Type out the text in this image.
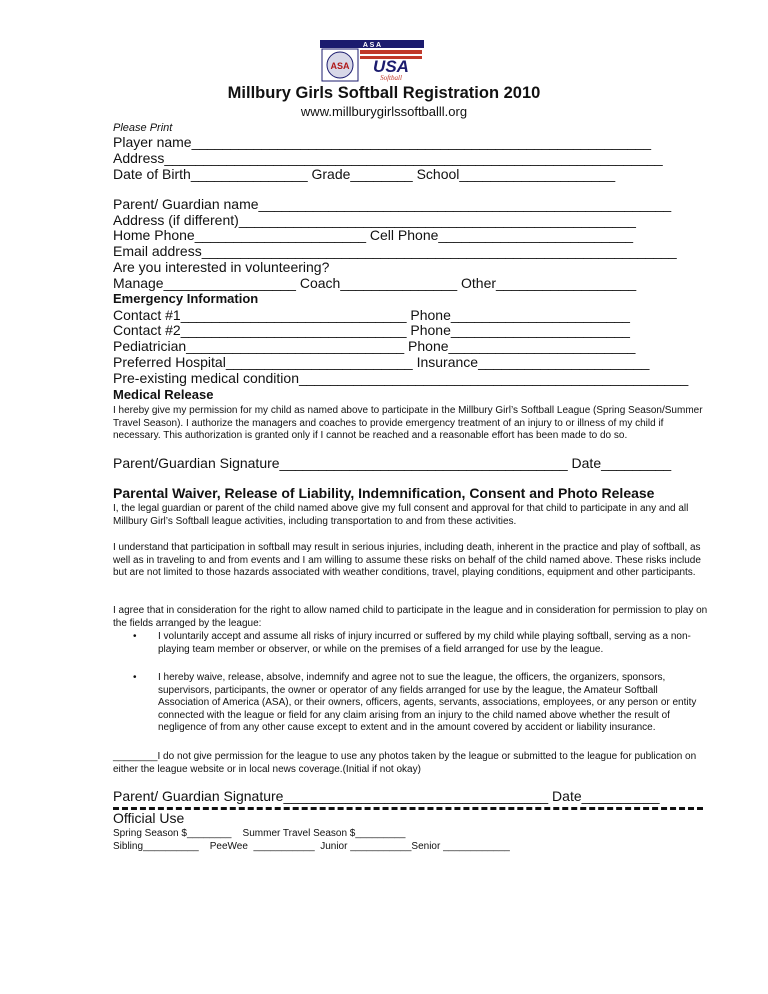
A S A
ASA USA
Softball
Millbury Girls Softball Registration 2010
www.millburygirlssoftballl.org
Please Print
Player name___________________________________________________________
Address________________________________________________________________
Date of Birth_______________ Grade________ School____________________
Parent/ Guardian name_____________________________________________________
Address (if different)___________________________________________________
Home Phone______________________ Cell Phone_________________________
Email address_____________________________________________________________
Are you interested in volunteering?
Manage_________________ Coach_______________ Other__________________
Emergency Information
Contact #1_____________________________ Phone_______________________
Contact #2_____________________________ Phone_______________________
Pediatrician____________________________ Phone________________________
Preferred Hospital________________________ Insurance______________________
Pre-existing medical condition__________________________________________________
Medical Release
I hereby give my permission for my child as named above to participate in the Millbury Girl’s Softball League (Spring Season/Summer Travel Season). I authorize the managers and coaches to provide emergency treatment of an injury to or illness of my child if necessary. This authorization is granted only if I cannot be reached and a reasonable effort has been made to do so.
Parent/Guardian Signature_____________________________________ Date_________
Parental Waiver, Release of Liability, Indemnification, Consent and Photo Release
I, the legal guardian or parent of the child named above give my full consent and approval for that child to participate in any and all Millbury Girl’s Softball league activities, including transportation to and from these activities.
I understand that participation in softball may result in serious injuries, including death, inherent in the practice and play of softball, as well as in traveling to and from events and I am willing to assume these risks on behalf of the child named above. These risks include but are not limited to those hazards associated with weather conditions, travel, playing conditions, equipment and other participants.
I agree that in consideration for the right to allow named child to participate in the league and in consideration for permission to play on the fields arranged by the league:
• I voluntarily accept and assume all risks of injury incurred or suffered by my child while playing softball, serving as a non-playing team member or observer, or while on the premises of a field arranged for use by the league.
• I hereby waive, release, absolve, indemnify and agree not to sue the league, the officers, the organizers, sponsors, supervisors, participants, the owner or operator of any fields arranged for use by the league, the Amateur Softball Association of America (ASA), or their owners, officers, agents, servants, associations, employees, or any person or entity connected with the league or field for any claim arising from an injury to the child named above whether the result of negligence of from any other cause except to extent and in the amount covered by accident or liability insurance.
________I do not give permission for the league to use any photos taken by the league or submitted to the league for publication on either the league website or in local news coverage.(Initial if not okay)
Parent/ Guardian Signature__________________________________ Date__________
Official Use
Spring Season $________    Summer Travel Season $_________
Sibling__________    PeeWee  ___________  Junior ___________Senior ____________
